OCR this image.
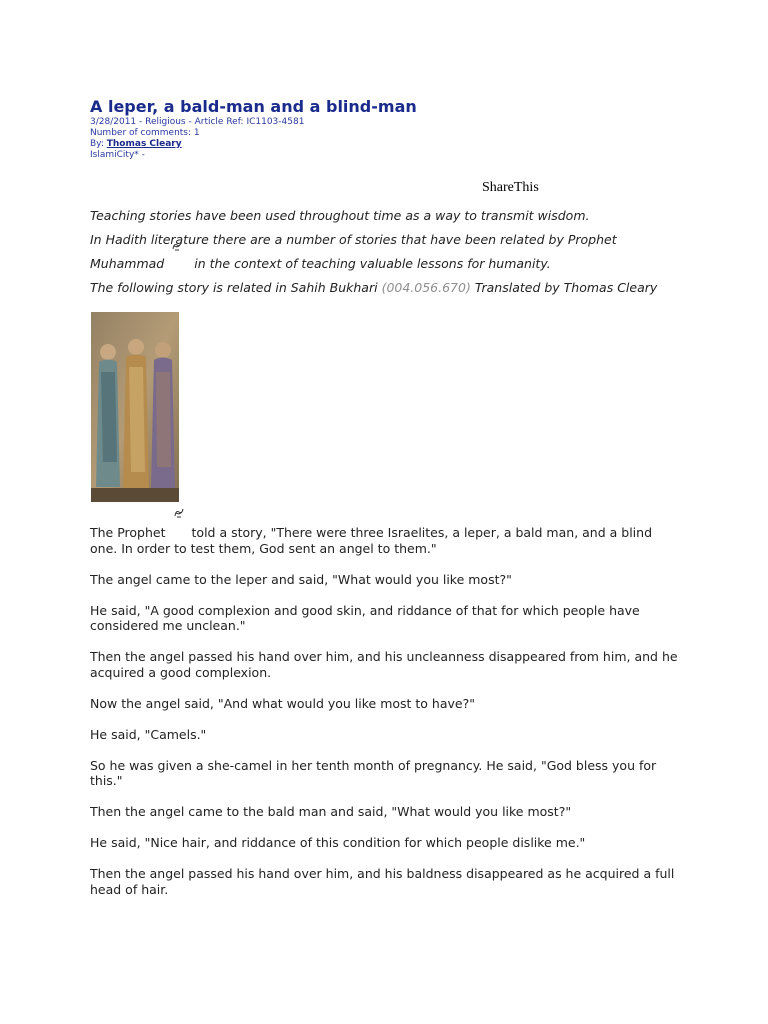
A leper, a bald-man and a blind-man
3/28/2011 - Religious - Article Ref: IC1103-4581
Number of comments: 1
By: Thomas Cleary
IslamiCity* -
ShareThis
Teaching stories have been used throughout time as a way to transmit wisdom.
In Hadith literature there are a number of stories that have been related by Prophet
Muhammad in the context of teaching valuable lessons for humanity.
The following story is related in Sahih Bukhari (004.056.670) Translated by Thomas Cleary

The Prophet told a story, "There were three Israelites, a leper, a bald man, and a blind one. In order to test them, God sent an angel to them."

The angel came to the leper and said, "What would you like most?"

He said, "A good complexion and good skin, and riddance of that for which people have considered me unclean."

Then the angel passed his hand over him, and his uncleanness disappeared from him, and he acquired a good complexion.

Now the angel said, "And what would you like most to have?"

He said, "Camels."

So he was given a she-camel in her tenth month of pregnancy. He said, "God bless you for this."

Then the angel came to the bald man and said, "What would you like most?"

He said, "Nice hair, and riddance of this condition for which people dislike me."

Then the angel passed his hand over him, and his baldness disappeared as he acquired a full head of hair.
